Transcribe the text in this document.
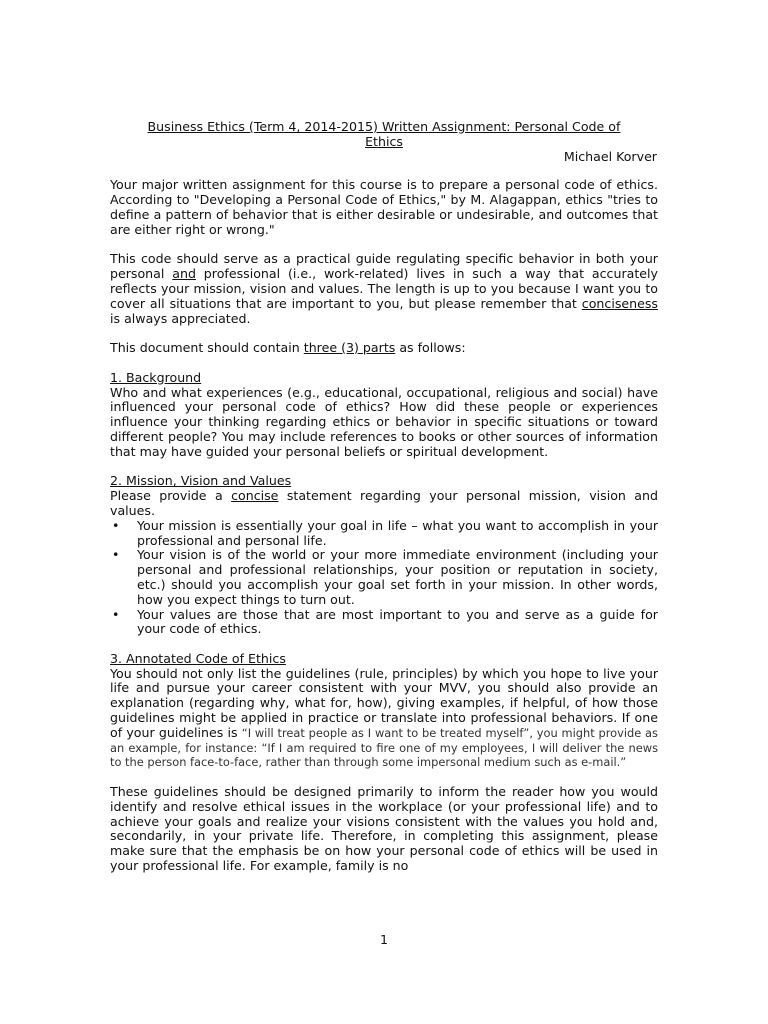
Business Ethics (Term 4, 2014-2015) Written Assignment: Personal Code of
Ethics

Michael Korver

Your major written assignment for this course is to prepare a personal code of ethics. According to "Developing a Personal Code of Ethics," by M. Alagappan, ethics "tries to define a pattern of behavior that is either desirable or undesirable, and outcomes that are either right or wrong."

This code should serve as a practical guide regulating specific behavior in both your personal and professional (i.e., work-related) lives in such a way that accurately reflects your mission, vision and values. The length is up to you because I want you to cover all situations that are important to you, but please remember that conciseness is always appreciated.

This document should contain three (3) parts as follows:

1. Background

Who and what experiences (e.g., educational, occupational, religious and social) have influenced your personal code of ethics? How did these people or experiences influence your thinking regarding ethics or behavior in specific situations or toward different people? You may include references to books or other sources of information that may have guided your personal beliefs or spiritual development.

2. Mission, Vision and Values

Please provide a concise statement regarding your personal mission, vision and values.

• Your mission is essentially your goal in life – what you want to accomplish in your professional and personal life.
• Your vision is of the world or your more immediate environment (including your personal and professional relationships, your position or reputation in society, etc.) should you accomplish your goal set forth in your mission. In other words, how you expect things to turn out.
• Your values are those that are most important to you and serve as a guide for your code of ethics.

3. Annotated Code of Ethics

You should not only list the guidelines (rule, principles) by which you hope to live your life and pursue your career consistent with your MVV, you should also provide an explanation (regarding why, what for, how), giving examples, if helpful, of how those guidelines might be applied in practice or translate into professional behaviors. If one of your guidelines is “I will treat people as I want to be treated myself”, you might provide as an example, for instance: “If I am required to fire one of my employees, I will deliver the news to the person face-to-face, rather than through some impersonal medium such as e-mail.”

These guidelines should be designed primarily to inform the reader how you would identify and resolve ethical issues in the workplace (or your professional life) and to achieve your goals and realize your visions consistent with the values you hold and, secondarily, in your private life. Therefore, in completing this assignment, please make sure that the emphasis be on how your personal code of ethics will be used in your professional life. For example, family is no

1
